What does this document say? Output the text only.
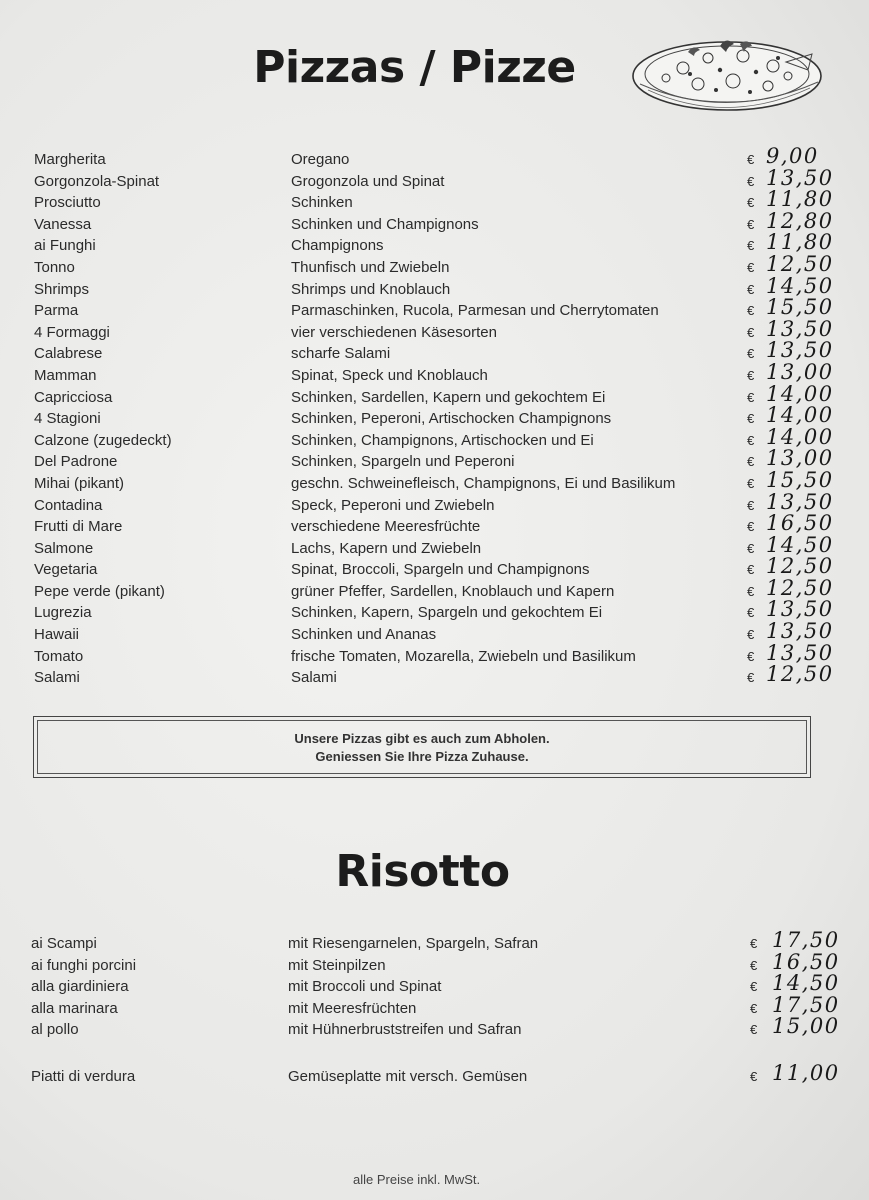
Pizzas / Pizze
Margherita	Oregano	€ 9,00
Gorgonzola-Spinat	Grogonzola und Spinat	€ 13,50
Prosciutto	Schinken	€ 11,80
Vanessa	Schinken und Champignons	€ 12,80
ai Funghi	Champignons	€ 11,80
Tonno	Thunfisch und Zwiebeln	€ 12,50
Shrimps	Shrimps und Knoblauch	€ 14,50
Parma	Parmaschinken, Rucola, Parmesan und Cherrytomaten	€ 15,50
4 Formaggi	vier verschiedenen Käsesorten	€ 13,50
Calabrese	scharfe Salami	€ 13,50
Mamman	Spinat, Speck und Knoblauch	€ 13,00
Capricciosa	Schinken, Sardellen, Kapern und gekochtem Ei	€ 14,00
4 Stagioni	Schinken, Peperoni, Artischocken Champignons	€ 14,00
Calzone (zugedeckt)	Schinken, Champignons, Artischocken und Ei	€ 14,00
Del Padrone	Schinken, Spargeln und Peperoni	€ 13,00
Mihai (pikant)	geschn. Schweinefleisch, Champignons, Ei und Basilikum	€ 15,50
Contadina	Speck, Peperoni und Zwiebeln	€ 13,50
Frutti di Mare	verschiedene Meeresfrüchte	€ 16,50
Salmone	Lachs, Kapern und Zwiebeln	€ 14,50
Vegetaria	Spinat, Broccoli, Spargeln und Champignons	€ 12,50
Pepe verde (pikant)	grüner Pfeffer, Sardellen, Knoblauch und Kapern	€ 12,50
Lugrezia	Schinken, Kapern, Spargeln und gekochtem Ei	€ 13,50
Hawaii	Schinken und Ananas	€ 13,50
Tomato	frische Tomaten, Mozarella, Zwiebeln und Basilikum	€ 13,50
Salami	Salami	€ 12,50
Unsere Pizzas gibt es auch zum Abholen.
Geniessen Sie Ihre Pizza Zuhause.
Risotto
ai Scampi	mit Riesengarnelen, Spargeln, Safran	€ 17,50
ai funghi porcini	mit Steinpilzen	€ 16,50
alla giardiniera	mit Broccoli und Spinat	€ 14,50
alla marinara	mit Meeresfrüchten	€ 17,50
al pollo	mit Hühnerbruststreifen und Safran	€ 15,00
Piatti di verdura	Gemüseplatte mit versch. Gemüsen	€ 11,00
alle Preise inkl. MwSt.
